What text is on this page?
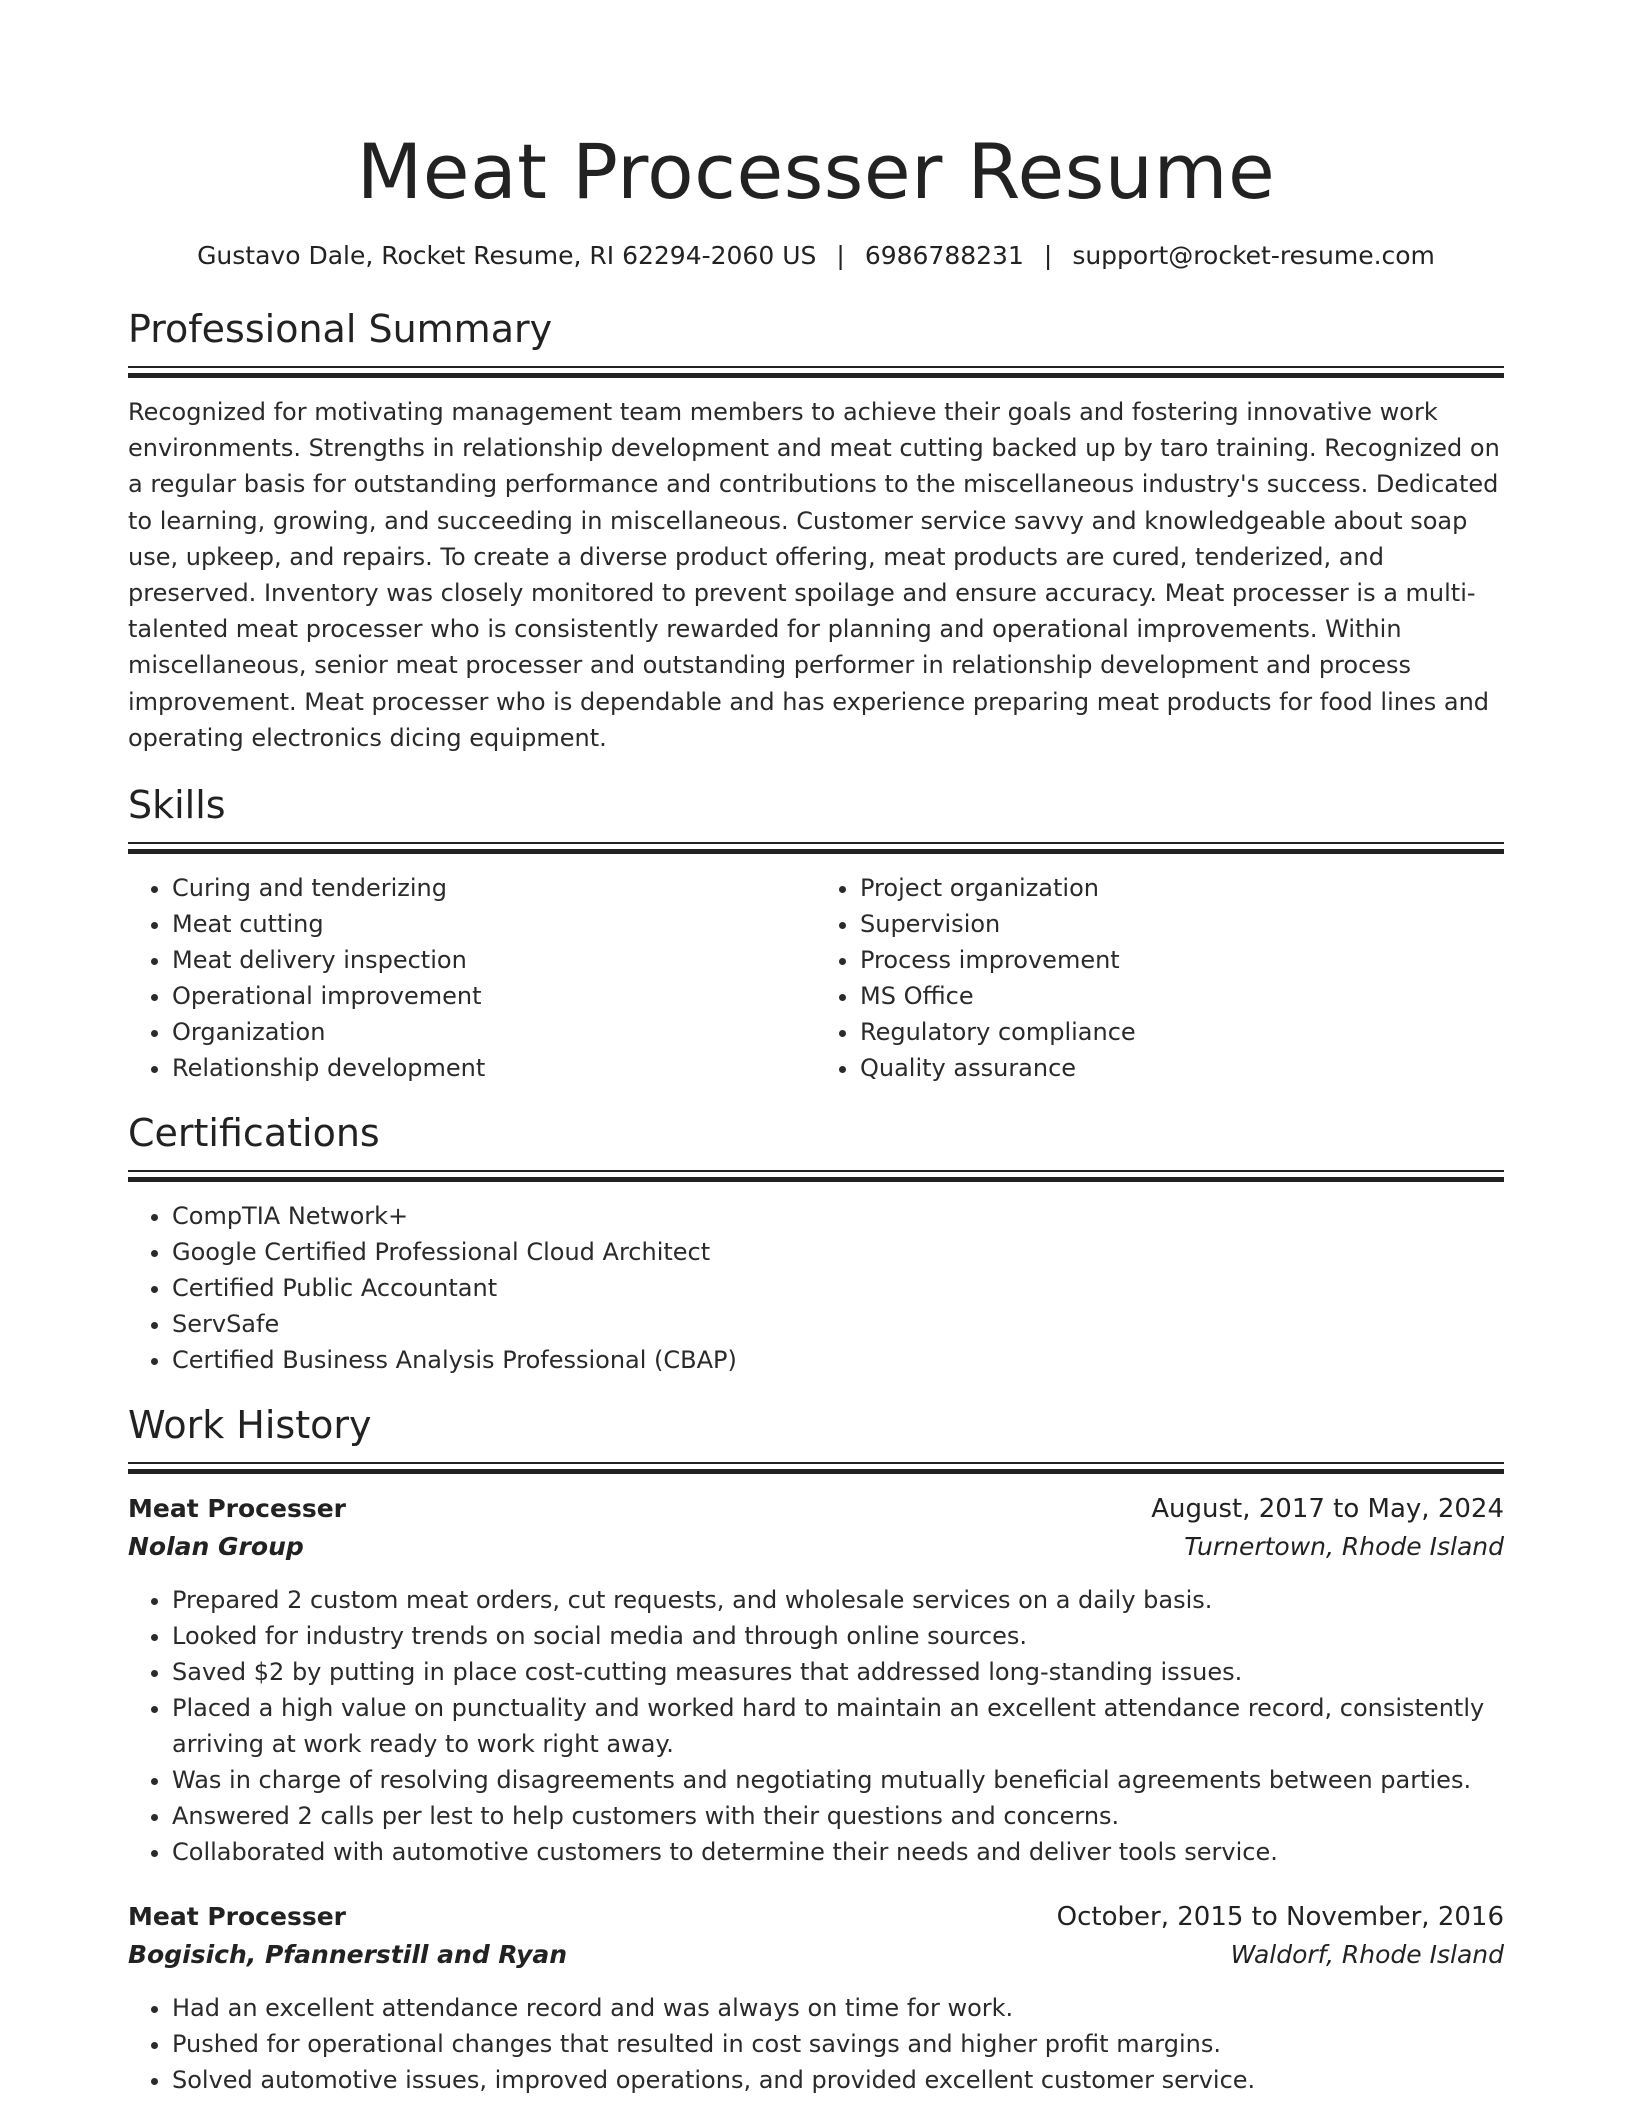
Meat Processer Resume
Gustavo Dale, Rocket Resume, RI 62294-2060 US | 6986788231 | support@rocket-resume.com
Professional Summary
Recognized for motivating management team members to achieve their goals and fostering innovative work environments. Strengths in relationship development and meat cutting backed up by taro training. Recognized on a regular basis for outstanding performance and contributions to the miscellaneous industry's success. Dedicated to learning, growing, and succeeding in miscellaneous. Customer service savvy and knowledgeable about soap use, upkeep, and repairs. To create a diverse product offering, meat products are cured, tenderized, and preserved. Inventory was closely monitored to prevent spoilage and ensure accuracy. Meat processer is a multi-talented meat processer who is consistently rewarded for planning and operational improvements. Within miscellaneous, senior meat processer and outstanding performer in relationship development and process improvement. Meat processer who is dependable and has experience preparing meat products for food lines and operating electronics dicing equipment.
Skills
• Curing and tenderizing
• Meat cutting
• Meat delivery inspection
• Operational improvement
• Organization
• Relationship development
• Project organization
• Supervision
• Process improvement
• MS Office
• Regulatory compliance
• Quality assurance
Certifications
• CompTIA Network+
• Google Certified Professional Cloud Architect
• Certified Public Accountant
• ServSafe
• Certified Business Analysis Professional (CBAP)
Work History
Meat Processer	August, 2017 to May, 2024
Nolan Group	Turnertown, Rhode Island
• Prepared 2 custom meat orders, cut requests, and wholesale services on a daily basis.
• Looked for industry trends on social media and through online sources.
• Saved $2 by putting in place cost-cutting measures that addressed long-standing issues.
• Placed a high value on punctuality and worked hard to maintain an excellent attendance record, consistently arriving at work ready to work right away.
• Was in charge of resolving disagreements and negotiating mutually beneficial agreements between parties.
• Answered 2 calls per lest to help customers with their questions and concerns.
• Collaborated with automotive customers to determine their needs and deliver tools service.
Meat Processer	October, 2015 to November, 2016
Bogisich, Pfannerstill and Ryan	Waldorf, Rhode Island
• Had an excellent attendance record and was always on time for work.
• Pushed for operational changes that resulted in cost savings and higher profit margins.
• Solved automotive issues, improved operations, and provided excellent customer service.
